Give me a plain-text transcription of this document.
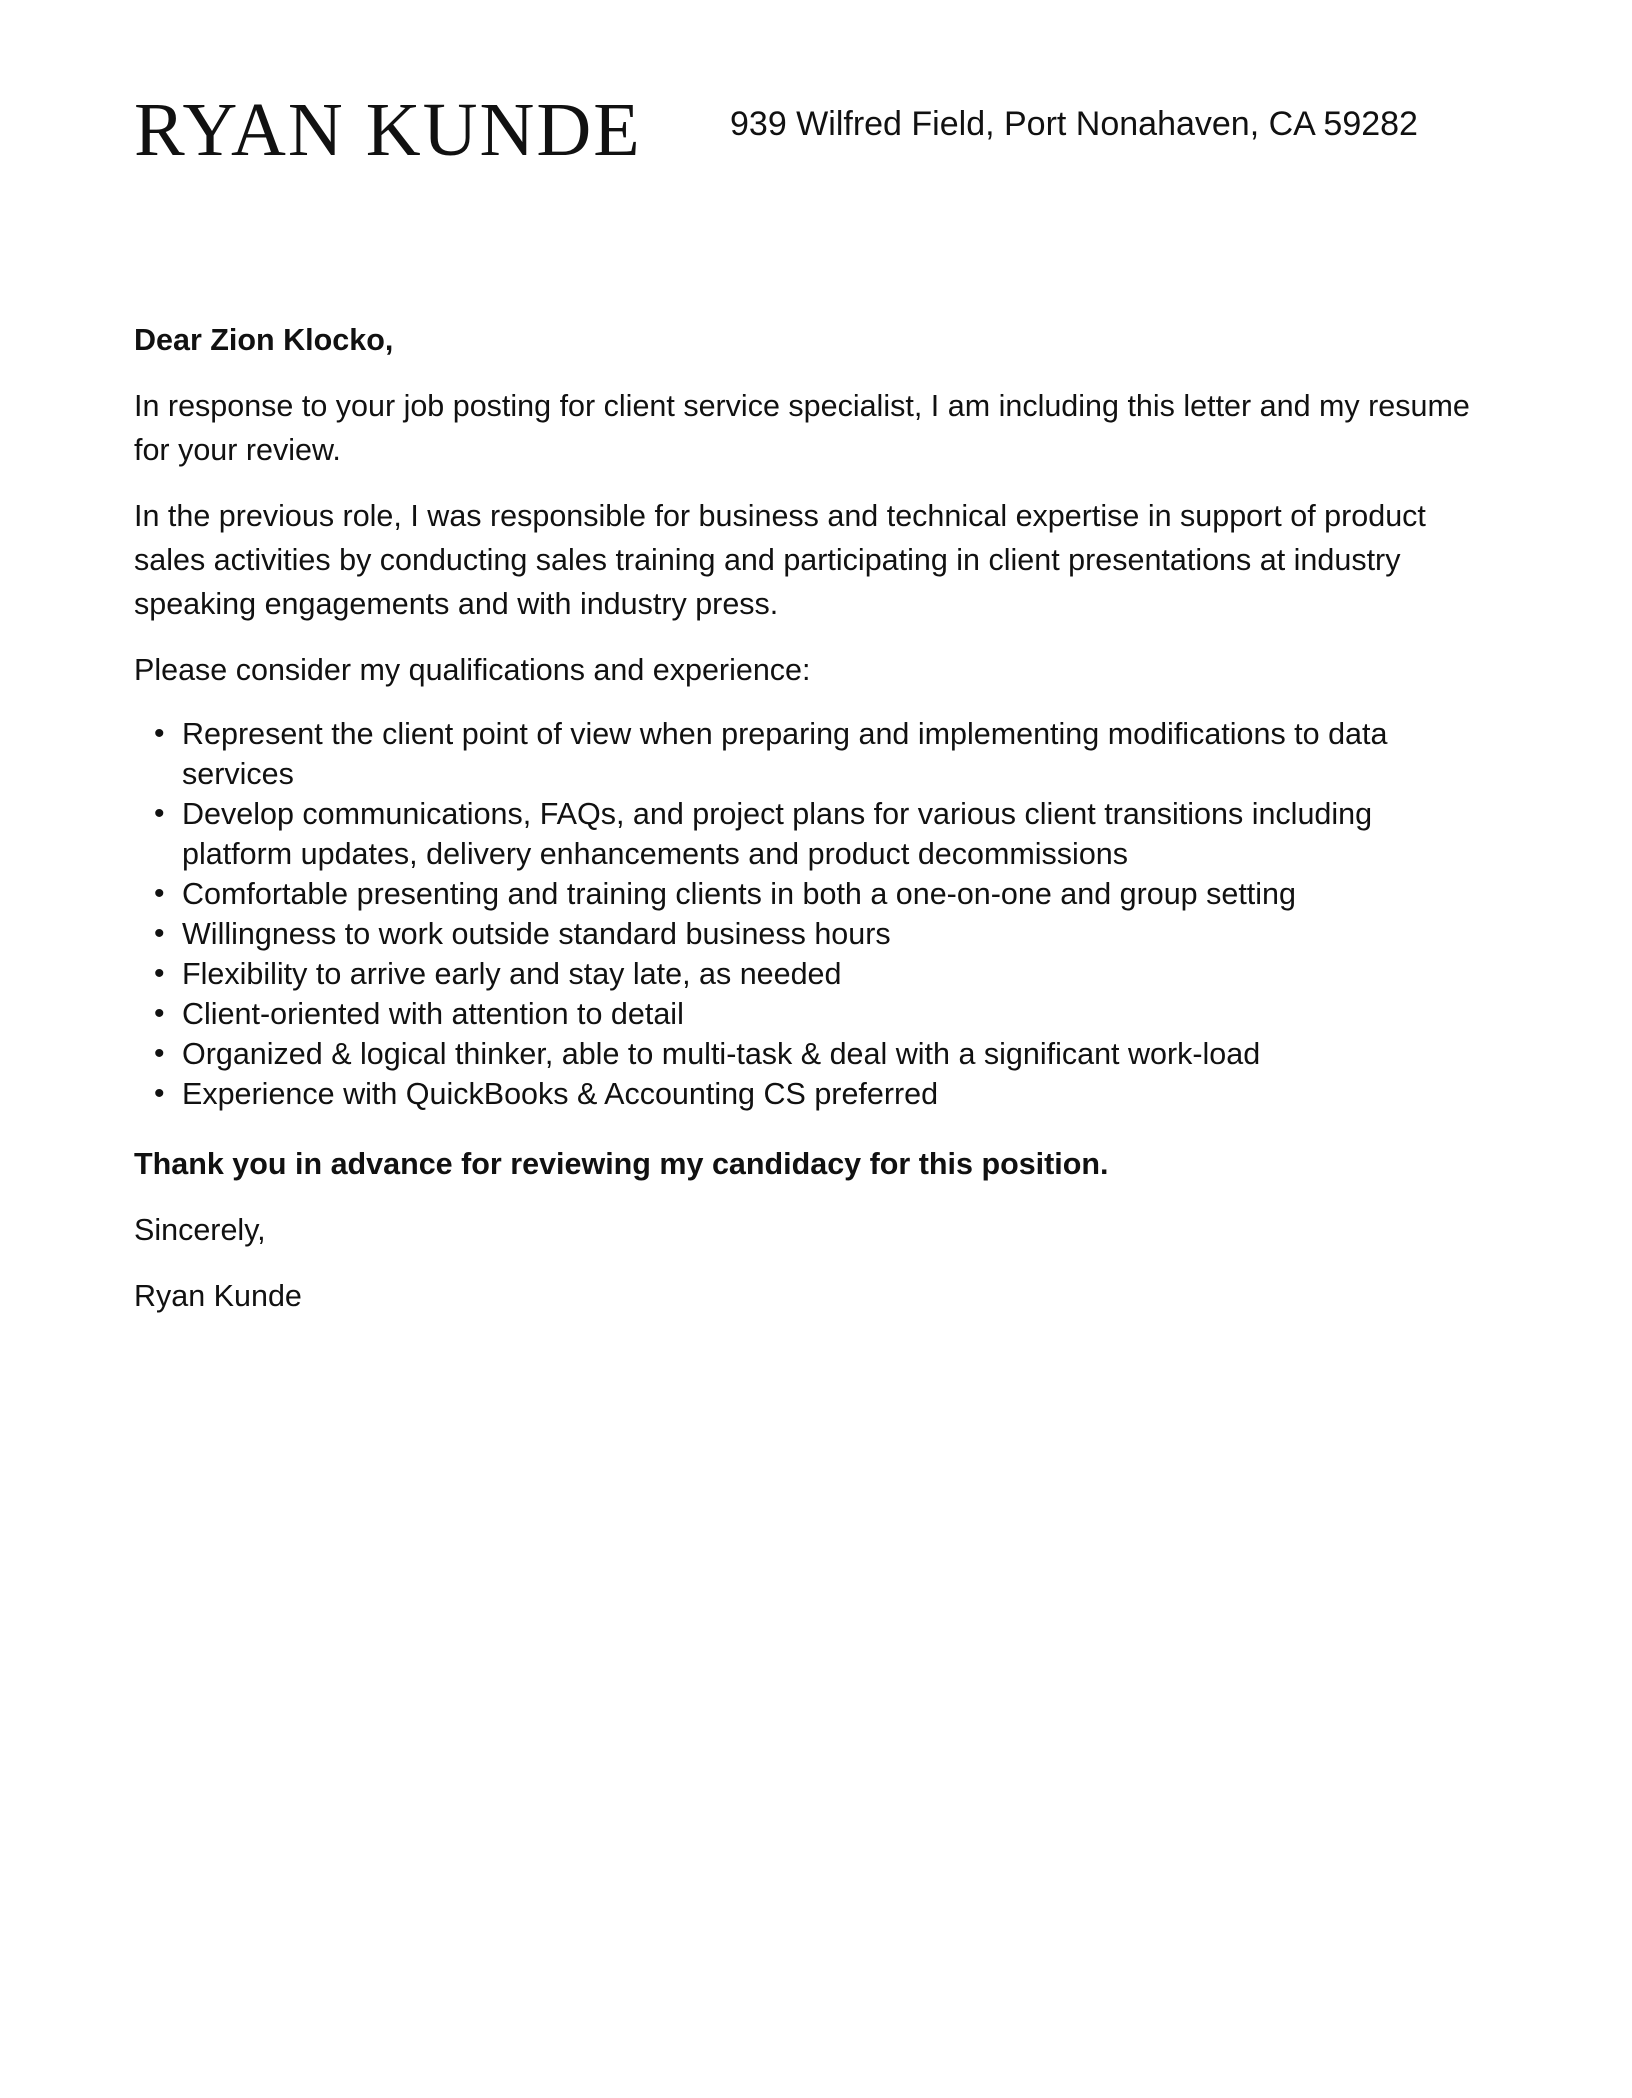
RYAN KUNDE	939 Wilfred Field, Port Nonahaven, CA 59282

Dear Zion Klocko,

In response to your job posting for client service specialist, I am including this letter and my resume for your review.

In the previous role, I was responsible for business and technical expertise in support of product sales activities by conducting sales training and participating in client presentations at industry speaking engagements and with industry press.

Please consider my qualifications and experience:

• Represent the client point of view when preparing and implementing modifications to data services
• Develop communications, FAQs, and project plans for various client transitions including platform updates, delivery enhancements and product decommissions
• Comfortable presenting and training clients in both a one-on-one and group setting
• Willingness to work outside standard business hours
• Flexibility to arrive early and stay late, as needed
• Client-oriented with attention to detail
• Organized & logical thinker, able to multi-task & deal with a significant work-load
• Experience with QuickBooks & Accounting CS preferred

Thank you in advance for reviewing my candidacy for this position.

Sincerely,

Ryan Kunde
